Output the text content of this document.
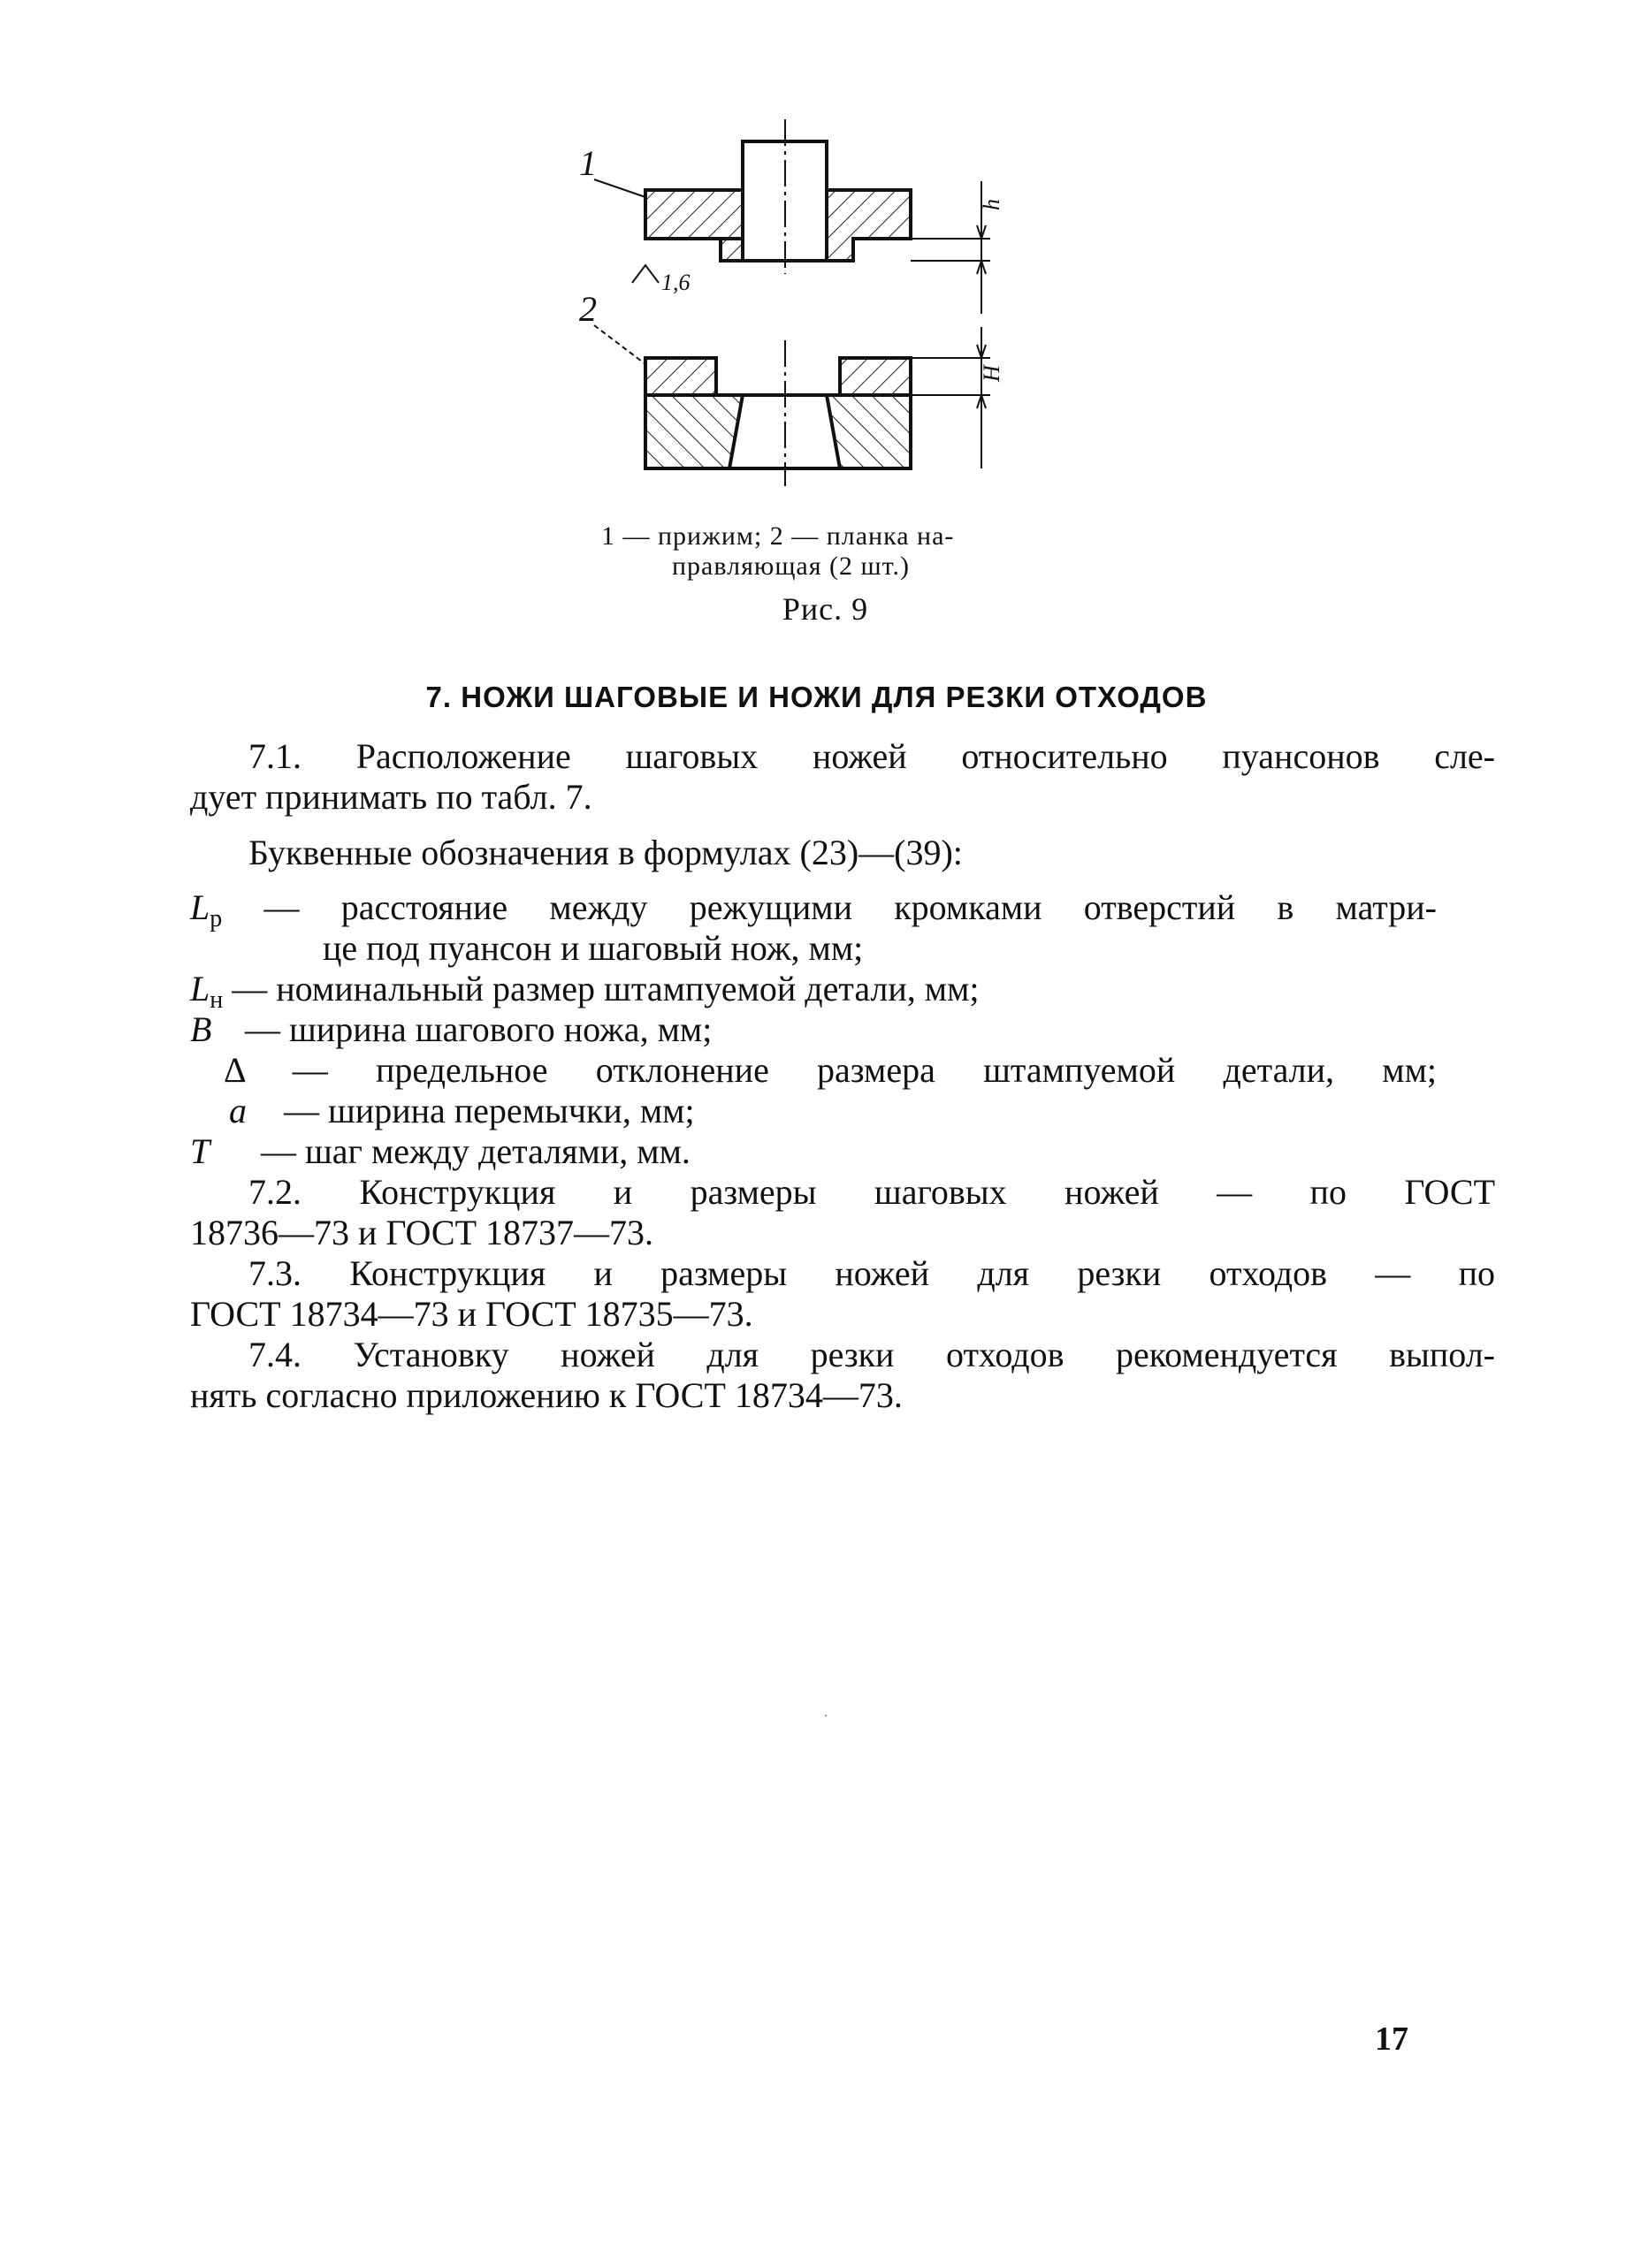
1
2
1,6
h
H
1 — прижим; 2 — планка на-
правляющая (2 шт.)
Рис. 9
7. НОЖИ ШАГОВЫЕ И НОЖИ ДЛЯ РЕЗКИ ОТХОДОВ
7.1. Расположение шаговых ножей относительно пуансонов сле-
дует принимать по табл. 7.
Буквенные обозначения в формулах (23)—(39):
$L_р$ — расстояние между режущими кромками отверстий в матри-
це под пуансон и шаговый нож, мм;
$L_н$ — номинальный размер штампуемой детали, мм;
B — ширина шагового ножа, мм;
Δ — предельное отклонение размера штампуемой детали, мм;
a — ширина перемычки, мм;
T — шаг между деталями, мм.
7.2. Конструкция и размеры шаговых ножей — по ГОСТ
18736—73 и ГОСТ 18737—73.
7.3. Конструкция и размеры ножей для резки отходов — по
ГОСТ 18734—73 и ГОСТ 18735—73.
7.4. Установку ножей для резки отходов рекомендуется выпол-
нять согласно приложению к ГОСТ 18734—73.
17
